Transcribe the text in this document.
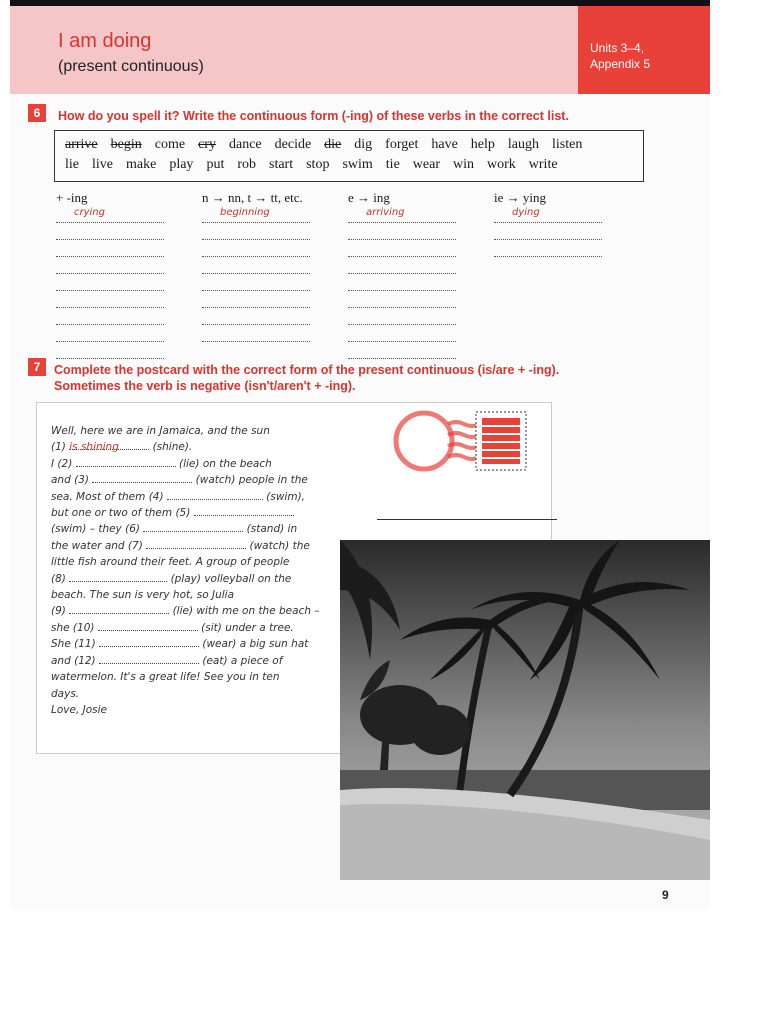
I am doing
(present continuous)
Units 3–4,
Appendix 5
6	How do you spell it? Write the continuous form (-ing) of these verbs in the correct list.
arrive begin come cry dance decide die dig forget have help laugh listen
lie live make play put rob start stop swim tie wear win work write
+ -ing
crying
n → nn, t → tt, etc.
beginning
e → ing
arriving
ie → ying
dying
7	Complete the postcard with the correct form of the present continuous (is/are + -ing).
Sometimes the verb is negative (isn't/aren't + -ing).
Well, here we are in Jamaica, and the sun
(1) is shining	(shine).
I (2)	(lie) on the beach
and (3)	(watch) people in the
sea. Most of them (4)	(swim),
but one or two of them (5)
(swim) – they (6)	(stand) in
the water and (7)	(watch) the
little fish around their feet. A group of people
(8)	(play) volleyball on the
beach. The sun is very hot, so Julia
(9)	(lie) with me on the beach –
she (10)	(sit) under a tree.
She (11)	(wear) a big sun hat
and (12)	(eat) a piece of
watermelon. It's a great life! See you in ten
days.
Love, Josie
9
